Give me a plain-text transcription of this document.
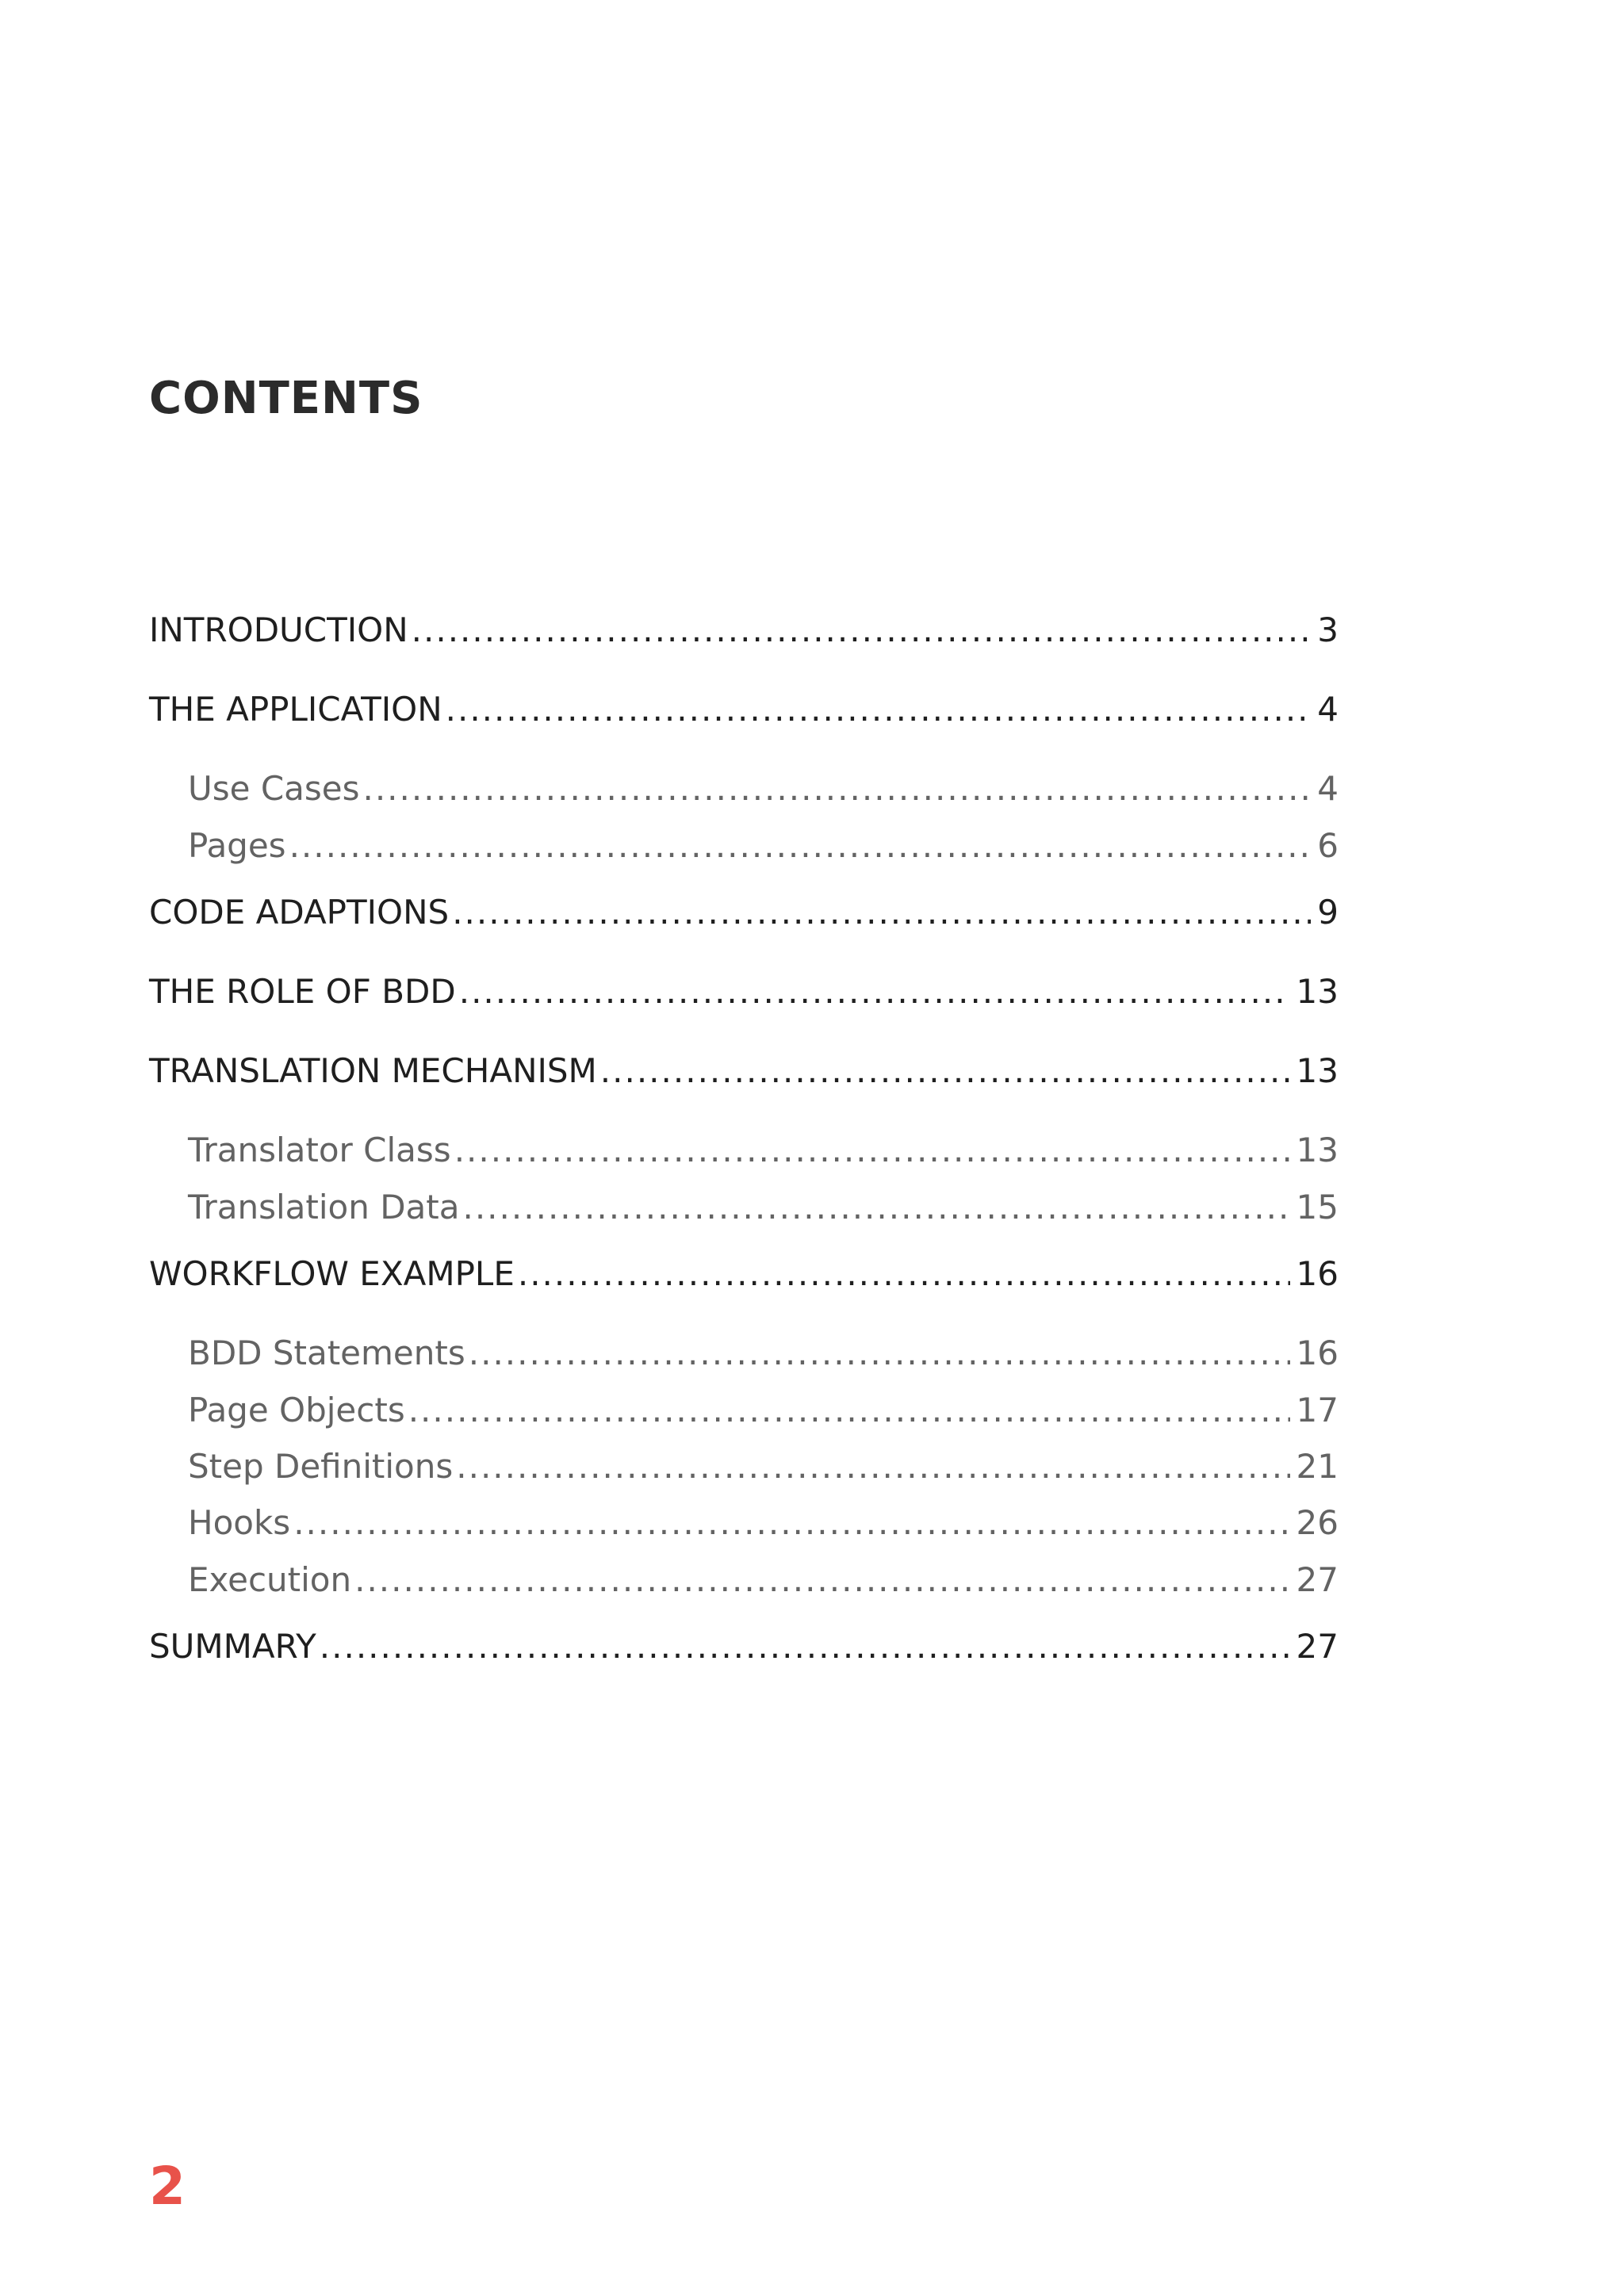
CONTENTS
INTRODUCTION .....	3
THE APPLICATION .....	4
Use Cases .....	4
Pages .....	6
CODE ADAPTIONS .....	9
THE ROLE OF BDD .....	13
TRANSLATION MECHANISM .....	13
Translator Class .....	13
Translation Data .....	15
WORKFLOW EXAMPLE .....	16
BDD Statements .....	16
Page Objects .....	17
Step Definitions .....	21
Hooks .....	26
Execution .....	27
SUMMARY .....	27
2
